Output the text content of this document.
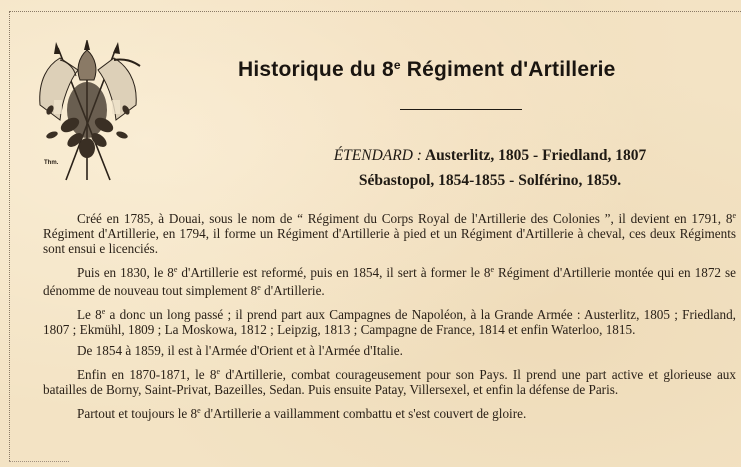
Thm.
Historique du 8e Régiment d'Artillerie
ÉTENDARD : Austerlitz, 1805 - Friedland, 1807
Sébastopol, 1854-1855 - Solférino, 1859.

Créé en 1785, à Douai, sous le nom de “ Régiment du Corps Royal de l'Artillerie des Colonies ”, il devient en 1791, 8e Régiment d'Artillerie, en 1794, il forme un Régiment d'Artillerie à pied et un Régiment d'Artillerie à cheval, ces deux Régiments sont ensui e licenciés.

Puis en 1830, le 8e d'Artillerie est reformé, puis en 1854, il sert à former le 8e Régiment d'Artillerie montée qui en 1872 se dénomme de nouveau tout simplement 8e d'Artillerie.

Le 8e a donc un long passé ; il prend part aux Campagnes de Napoléon, à la Grande Armée : Austerlitz, 1805 ; Friedland, 1807 ; Ekmühl, 1809 ; La Moskowa, 1812 ; Leipzig, 1813 ; Campagne de France, 1814 et enfin Waterloo, 1815.

De 1854 à 1859, il est à l'Armée d'Orient et à l'Armée d'Italie.

Enfin en 1870-1871, le 8e d'Artillerie, combat courageusement pour son Pays. Il prend une part active et glorieuse aux batailles de Borny, Saint-Privat, Bazeilles, Sedan. Puis ensuite Patay, Villersexel, et enfin la défense de Paris.

Partout et toujours le 8e d'Artillerie a vaillamment combattu et s'est couvert de gloire.
